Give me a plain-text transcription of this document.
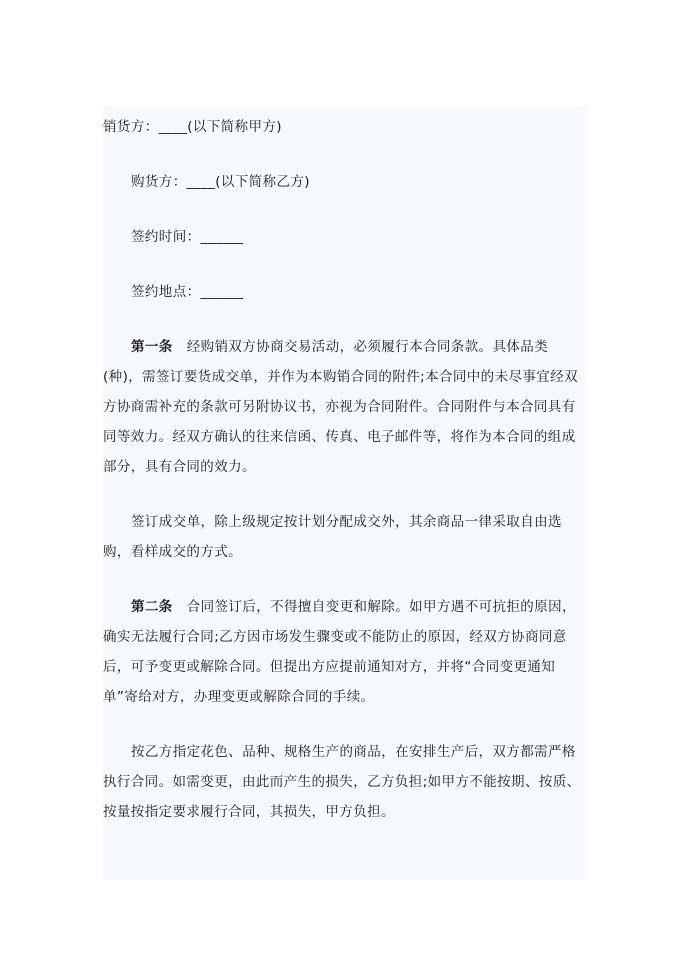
销货方：____(以下简称甲方)

购货方：____(以下简称乙方)

签约时间：______

签约地点：______

第一条 经购销双方协商交易活动，必须履行本合同条款。具体品类(种)，需签订要货成交单，并作为本购销合同的附件;本合同中的未尽事宜经双方协商需补充的条款可另附协议书，亦视为合同附件。合同附件与本合同具有同等效力。经双方确认的往来信函、传真、电子邮件等，将作为本合同的组成部分，具有合同的效力。

签订成交单，除上级规定按计划分配成交外，其余商品一律采取自由选购，看样成交的方式。

第二条 合同签订后，不得擅自变更和解除。如甲方遇不可抗拒的原因，确实无法履行合同;乙方因市场发生骤变或不能防止的原因，经双方协商同意后，可予变更或解除合同。但提出方应提前通知对方，并将“合同变更通知单”寄给对方，办理变更或解除合同的手续。

按乙方指定花色、品种、规格生产的商品，在安排生产后，双方都需严格执行合同。如需变更，由此而产生的损失，乙方负担;如甲方不能按期、按质、按量按指定要求履行合同，其损失，甲方负担。
